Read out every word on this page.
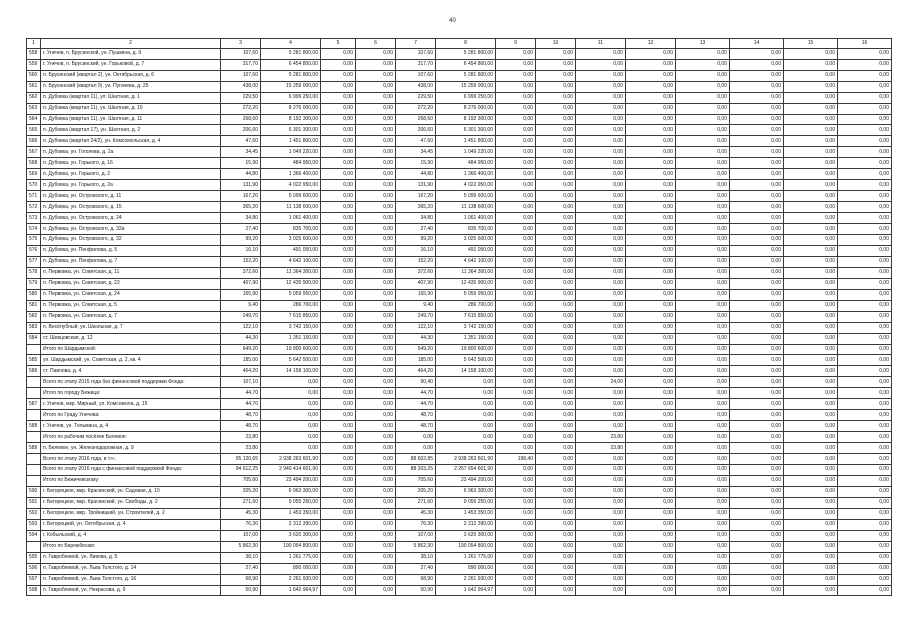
40
1	2	3	4	5	6	7	8	9	10	11	12	13	14	15	16
558	г. Унечов, п. Брусинской, ун. Пушкина, д. 9	107,60	5 281 800,00	0,00	0,00	107,60	5 281 800,00	0,00	0,00	0,00	0,00	0,00	0,00	0,00	0,00
559	г. Унечов, п. Брусинский, ун. Горьковой, д. 7	317,70	6 454 800,00	0,00	0,00	317,70	6 454 800,00	0,00	0,00	0,00	0,00	0,00	0,00	0,00	0,00
560	п. Брусинский (квартал 2), ун. Октябрьская, д. 6	107,60	5 281 800,00	0,00	0,00	107,60	5 281 800,00	0,00	0,00	0,00	0,00	0,00	0,00	0,00	0,00
561	п. Брусинский (квартал 9), ун. Пугачева, д. 25	438,00	15 259 000,00	0,00	0,00	438,00	15 259 000,00	0,00	0,00	0,00	0,00	0,00	0,00	0,00	0,00
562	п. Дубовка (квартал 11), ул. Шахтная, д. 1	229,50	6 999 250,00	0,00	0,00	229,50	6 999 250,00	0,00	0,00	0,00	0,00	0,00	0,00	0,00	0,00
563	п. Дубовка (квартал 11), ун. Шахтная, д. 10	272,20	8 276 000,00	0,00	0,00	272,20	8 276 000,00	0,00	0,00	0,00	0,00	0,00	0,00	0,00	0,00
564	п. Дубовка (квартал 11), ун. Шахтная, д. 11	268,60	8 192 300,00	0,00	0,00	268,60	8 192 300,00	0,00	0,00	0,00	0,00	0,00	0,00	0,00	0,00
565	п. Дубовка (квартал 17), ун. Шахтная, д. 2	206,60	6 301 300,00	0,00	0,00	206,60	6 301 300,00	0,00	0,00	0,00	0,00	0,00	0,00	0,00	0,00
566	п. Дубовка (квартал 24/2), ун. Комсомольская, д. 4	47,60	1 451 800,00	0,00	0,00	47,60	1 451 800,00	0,00	0,00	0,00	0,00	0,00	0,00	0,00	0,00
567	п. Дубовка, ун. Гоголева, д. 2а	34,45	1 049 220,00	0,00	0,00	34,45	1 049 220,00	0,00	0,00	0,00	0,00	0,00	0,00	0,00	0,00
568	п. Дубовка, ун. Горького, д. 16	15,90	484 950,00	0,00	0,00	15,90	484 950,00	0,00	0,00	0,00	0,00	0,00	0,00	0,00	0,00
569	п. Дубовка, ун. Горького, д. 2	44,80	1 366 400,00	0,00	0,00	44,80	1 366 400,00	0,00	0,00	0,00	0,00	0,00	0,00	0,00	0,00
570	п. Дубовка, ун. Горького, д. 2а	131,90	4 022 950,00	0,00	0,00	131,90	4 022 950,00	0,00	0,00	0,00	0,00	0,00	0,00	0,00	0,00
571	п. Дубовка, ун. Островского, д. 11	167,20	5 099 600,00	0,00	0,00	167,20	5 099 600,00	0,00	0,00	0,00	0,00	0,00	0,00	0,00	0,00
572	п. Дубовка, ун. Островского, д. 15	365,20	11 138 600,00	0,00	0,00	365,20	11 138 600,00	0,00	0,00	0,00	0,00	0,00	0,00	0,00	0,00
573	п. Дубовка, ун. Островского, д. 24	34,80	1 061 400,00	0,00	0,00	34,80	1 061 400,00	0,00	0,00	0,00	0,00	0,00	0,00	0,00	0,00
574	п. Дубовка, ун. Островского, д. 32а	27,40	835 700,00	0,00	0,00	27,40	835 700,00	0,00	0,00	0,00	0,00	0,00	0,00	0,00	0,00
575	п. Дубовка, ун. Островского, д. 32	99,20	3 025 600,00	0,00	0,00	99,20	3 025 600,00	0,00	0,00	0,00	0,00	0,00	0,00	0,00	0,00
576	п. Дубовка, ун. Пенфилова, д. 5	16,10	491 050,00	0,00	0,00	16,10	491 050,00	0,00	0,00	0,00	0,00	0,00	0,00	0,00	0,00
577	п. Дубовка, ун. Пенфилова, д. 7	152,20	4 642 100,00	0,00	0,00	152,20	4 642 100,00	0,00	0,00	0,00	0,00	0,00	0,00	0,00	0,00
578	п. Первовка, ун. Советская, д. 11	372,60	11 364 300,00	0,00	0,00	372,60	11 364 300,00	0,00	0,00	0,00	0,00	0,00	0,00	0,00	0,00
579	п. Первовка, ун. Советская, д. 22	407,90	12 435 900,00	0,00	0,00	407,90	12 435 900,00	0,00	0,00	0,00	0,00	0,00	0,00	0,00	0,00
580	п. Первовка, ун. Советская, д. 24	165,90	5 059 950,00	0,00	0,00	165,90	5 059 950,00	0,00	0,00	0,00	0,00	0,00	0,00	0,00	0,00
581	п. Первовка, ун. Советская, д. 5	9,40	286 700,00	0,00	0,00	9,40	286 700,00	0,00	0,00	0,00	0,00	0,00	0,00	0,00	0,00
582	п. Первовка, ун. Советская, д. 7	249,70	7 615 850,00	0,00	0,00	249,70	7 615 850,00	0,00	0,00	0,00	0,00	0,00	0,00	0,00	0,00
583	п. Весёлубный, ун. Школьная, д. 7	122,10	3 742 150,00	0,00	0,00	122,10	3 742 150,00	0,00	0,00	0,00	0,00	0,00	0,00	0,00	0,00
584	ст. Шевцовская, д. 12	44,30	1 351 150,00	0,00	0,00	44,30	1 351 150,00	0,00	0,00	0,00	0,00	0,00	0,00	0,00	0,00
	Итого по Шардымской:	649,20	19 800 600,00	0,00	0,00	649,20	19 800 600,00	0,00	0,00	0,00	0,00	0,00	0,00	0,00	0,00
585	ун. Шардымский, ун. Советская, д. 2, кв. 4	185,00	5 642 500,00	0,00	0,00	185,00	5 642 500,00	0,00	0,00	0,00	0,00	0,00	0,00	0,00	0,00
586	ст. Павлова, д. 4	464,20	14 158 100,00	0,00	0,00	464,20	14 158 100,00	0,00	0,00	0,00	0,00	0,00	0,00	0,00	0,00
	Всего по этапу 2015 года без финансовой поддержки Фонда:	107,10	0,00	0,00	0,00	90,40	0,00	0,00	0,00	24,00	0,00	0,00	0,00	0,00	0,00
	Итого по городу Бежица:	44,70	0,00	0,00	0,00	44,70	0,00	0,00	0,00	0,00	0,00	0,00	0,00	0,00	0,00
587	г. Унечов, мкр. Мирный, ул. Комсомола, д. 15	44,70	0,00	0,00	0,00	44,70	0,00	0,00	0,00	0,00	0,00	0,00	0,00	0,00	0,00
	Итого по Граду Унечова:	48,70	0,00	0,00	0,00	48,70	0,00	0,00	0,00	0,00	0,00	0,00	0,00	0,00	0,00
588	г. Унечов, ун. Тельмана, д. 4	48,70	0,00	0,00	0,00	48,70	0,00	0,00	0,00	0,00	0,00	0,00	0,00	0,00	0,00
	Итого по рабочим посёлке Белевое:	23,80	0,00	0,00	0,00	0,00	0,00	0,00	0,00	23,80	0,00	0,00	0,00	0,00	0,00
589	п. Белевое, ун. Железнодорожная, д. 9	23,80	0,00	0,00	0,00	0,00	0,00	0,00	0,00	23,80	0,00	0,00	0,00	0,00	0,00
	Всего по этапу 2016 года, в т.ч.:	95 120,65	2 938 263 601,90	0,00	0,00	88 602,85	2 938 263 601,90	198,40	0,00	0,00	0,00	0,00	0,00	0,00	0,00
	Всего по этапу 2016 года с финансовой поддержкой Фонда:	94 612,25	2 940 414 601,90	0,00	0,00	88 203,25	2 267 654 601,90	0,00	0,00	0,00	0,00	0,00	0,00	0,00	0,00
	Итого по Бежичевскому:	705,60	23 494 200,00	0,00	0,00	705,60	23 494 200,00	0,00	0,00	0,00	0,00	0,00	0,00	0,00	0,00
590	г. Бегорецкое, мкр. Красинский, ун. Садовая, д. 10	205,20	6 963 300,00	0,00	0,00	205,20	6 963 300,00	0,00	0,00	0,00	0,00	0,00	0,00	0,00	0,00
591	г. Бегорецкое, мкр. Красинский, ун. Свободы, д. 2	271,60	9 055 250,00	0,00	0,00	271,60	9 055 250,00	0,00	0,00	0,00	0,00	0,00	0,00	0,00	0,00
592	г. Бегорецкое, мкр. Тройницкий, ун. Строителей, д. 2	45,30	1 453 350,00	0,00	0,00	45,30	1 453 350,00	0,00	0,00	0,00	0,00	0,00	0,00	0,00	0,00
593	г. Бегорецкий, ун. Октябрьская, д. 4	76,30	2 312 390,00	0,00	0,00	76,30	2 312 390,00	0,00	0,00	0,00	0,00	0,00	0,00	0,00	0,00
594	г. Кобыльский, д. 4	107,00	3 620 300,00	0,00	0,00	107,00	3 620 300,00	0,00	0,00	0,00	0,00	0,00	0,00	0,00	0,00
	Итого по Бережбесам:	5 862,30	190 054 800,00	0,00	0,00	5 862,30	190 054 800,00	0,00	0,00	0,00	0,00	0,00	0,00	0,00	0,00
595	п. Гавроблевой, ун. Ливова, д. 5	38,10	1 261 775,00	0,00	0,00	38,10	1 261 775,00	0,00	0,00	0,00	0,00	0,00	0,00	0,00	0,00
596	п. Гавроблевой, ун. Льва Толстого, д. 14	27,40	890 000,00	0,00	0,00	27,40	890 000,00	0,00	0,00	0,00	0,00	0,00	0,00	0,00	0,00
597	п. Гавроблевой, ун. Льва Толстого, д. 16	68,90	2 261 930,00	0,00	0,00	68,90	2 261 930,00	0,00	0,00	0,00	0,00	0,00	0,00	0,00	0,00
598	п. Гавроблевой, ун. Некрасова, д. 9	50,90	1 642 964,97	0,00	0,00	50,90	1 642 964,97	0,00	0,00	0,00	0,00	0,00	0,00	0,00	0,00
